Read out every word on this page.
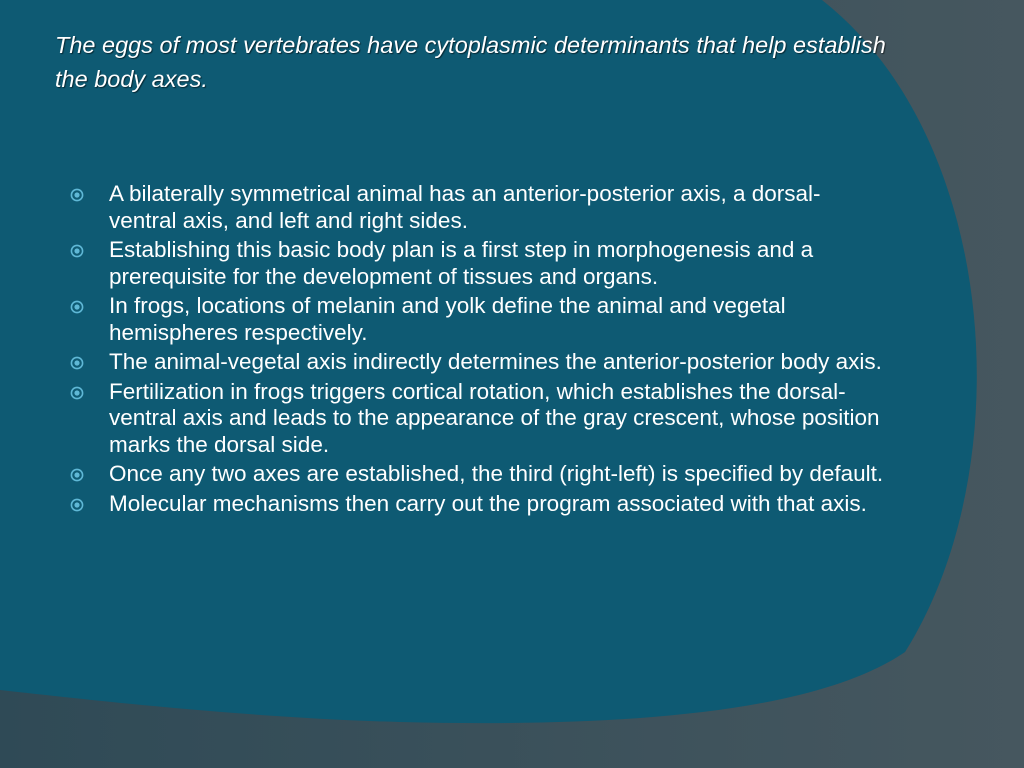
The eggs of most vertebrates have cytoplasmic determinants that help establish the body axes.
A bilaterally symmetrical animal has an anterior-posterior axis, a dorsal-ventral axis, and left and right sides.
Establishing this basic body plan is a first step in morphogenesis and a prerequisite for the development of tissues and organs.
In frogs, locations of melanin and yolk define the animal and vegetal hemispheres respectively.
The animal-vegetal axis indirectly determines the anterior-posterior body axis.
Fertilization in frogs triggers cortical rotation, which establishes the dorsal-ventral axis and leads to the appearance of the gray crescent, whose position marks the dorsal side.
Once any two axes are established, the third (right-left) is specified by default.
Molecular mechanisms then carry out the program associated with that axis.
